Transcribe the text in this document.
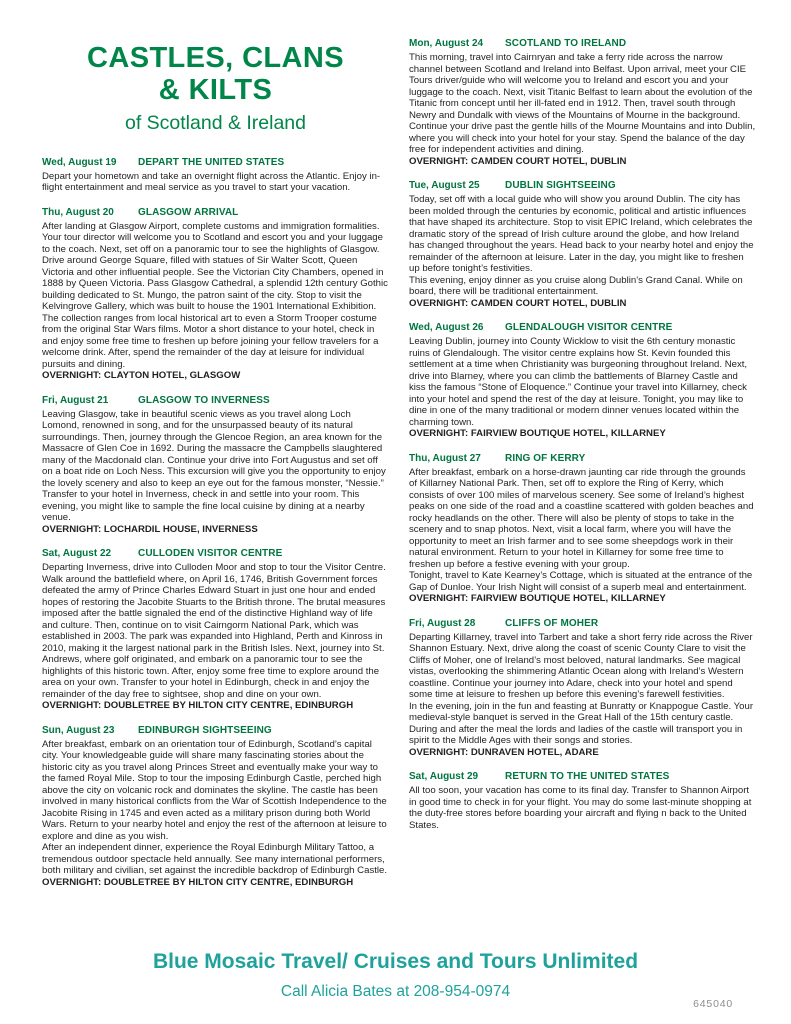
CASTLES, CLANS
& KILTS
of Scotland & Ireland
Wed, August 19	DEPART THE UNITED STATES

Depart your hometown and take an overnight flight across the Atlantic. Enjoy in-flight entertainment and meal service as you travel to start your vacation.

Thu, August 20	GLASGOW ARRIVAL

After landing at Glasgow Airport, complete customs and immigration formalities. Your tour director will welcome you to Scotland and escort you and your luggage to the coach. Next, set off on a panoramic tour to see the highlights of Glasgow. Drive around George Square, filled with statues of Sir Walter Scott, Queen Victoria and other influential people. See the Victorian City Chambers, opened in 1888 by Queen Victoria. Pass Glasgow Cathedral, a splendid 12th century Gothic building dedicated to St. Mungo, the patron saint of the city. Stop to visit the Kelvingrove Gallery, which was built to house the 1901 International Exhibition. The collection ranges from local historical art to even a Storm Trooper costume from the original Star Wars films. Motor a short distance to your hotel, check in and enjoy some free time to freshen up before joining your fellow travelers for a welcome drink. After, spend the remainder of the day at leisure for individual pursuits and dining.

OVERNIGHT: CLAYTON HOTEL, GLASGOW
Fri, August 21	GLASGOW TO INVERNESS

Leaving Glasgow, take in beautiful scenic views as you travel along Loch Lomond, renowned in song, and for the unsurpassed beauty of its natural surroundings. Then, journey through the Glencoe Region, an area known for the Massacre of Glen Coe in 1692. During the massacre the Campbells slaughtered many of the Macdonald clan. Continue your drive into Fort Augustus and set off on a boat ride on Loch Ness. This excursion will give you the opportunity to enjoy the lovely scenery and also to keep an eye out for the famous monster, “Nessie.” Transfer to your hotel in Inverness, check in and settle into your room. This evening, you might like to sample the fine local cuisine by dining at a nearby venue.

OVERNIGHT: LOCHARDIL HOUSE, INVERNESS
Sat, August 22	CULLODEN VISITOR CENTRE

Departing Inverness, drive into Culloden Moor and stop to tour the Visitor Centre. Walk around the battlefield where, on April 16, 1746, British Government forces defeated the army of Prince Charles Edward Stuart in just one hour and ended hopes of restoring the Jacobite Stuarts to the British throne. The brutal measures imposed after the battle signaled the end of the distinctive Highland way of life and culture. Then, continue on to visit Cairngorm National Park, which was established in 2003. The park was expanded into Highland, Perth and Kinross in 2010, making it the largest national park in the British Isles. Next, journey into St. Andrews, where golf originated, and embark on a panoramic tour to see the highlights of this historic town. After, enjoy some free time to explore around the area on your own. Transfer to your hotel in Edinburgh, check in and enjoy the remainder of the day free to sightsee, shop and dine on your own.

OVERNIGHT: DOUBLETREE BY HILTON CITY CENTRE, EDINBURGH
Sun, August 23	EDINBURGH SIGHTSEEING

After breakfast, embark on an orientation tour of Edinburgh, Scotland’s capital city. Your knowledgeable guide will share many fascinating stories about the historic city as you travel along Princes Street and eventually make your way to the famed Royal Mile. Stop to tour the imposing Edinburgh Castle, perched high above the city on volcanic rock and dominates the skyline. The castle has been involved in many historical conflicts from the War of Scottish Independence to the Jacobite Rising in 1745 and even acted as a military prison during both World Wars. Return to your nearby hotel and enjoy the rest of the afternoon at leisure to explore and dine as you wish.

After an independent dinner, experience the Royal Edinburgh Military Tattoo, a tremendous outdoor spectacle held annually. See many international performers, both military and civilian, set against the incredible backdrop of Edinburgh Castle.

OVERNIGHT: DOUBLETREE BY HILTON CITY CENTRE, EDINBURGH
Mon, August 24	SCOTLAND TO IRELAND

This morning, travel into Cairnryan and take a ferry ride across the narrow channel between Scotland and Ireland into Belfast. Upon arrival, meet your CIE Tours driver/guide who will welcome you to Ireland and escort you and your luggage to the coach. Next, visit Titanic Belfast to learn about the evolution of the Titanic from concept until her ill-fated end in 1912. Then, travel south through Newry and Dundalk with views of the Mountains of Mourne in the background. Continue your drive past the gentle hills of the Mourne Mountains and into Dublin, where you will check into your hotel for your stay. Spend the balance of the day free for independent activities and dining.

OVERNIGHT: CAMDEN COURT HOTEL, DUBLIN
Tue, August 25	DUBLIN SIGHTSEEING

Today, set off with a local guide who will show you around Dublin. The city has been molded through the centuries by economic, political and artistic influences that have shaped its architecture. Stop to visit EPIC Ireland, which celebrates the dramatic story of the spread of Irish culture around the globe, and how Ireland has changed throughout the years. Head back to your nearby hotel and enjoy the remainder of the afternoon at leisure. Later in the day, you might like to freshen up before tonight’s festivities.

This evening, enjoy dinner as you cruise along Dublin’s Grand Canal. While on board, there will be traditional entertainment.

OVERNIGHT: CAMDEN COURT HOTEL, DUBLIN
Wed, August 26	GLENDALOUGH VISITOR CENTRE

Leaving Dublin, journey into County Wicklow to visit the 6th century monastic ruins of Glendalough. The visitor centre explains how St. Kevin founded this settlement at a time when Christianity was burgeoning throughout Ireland. Next, drive into Blarney, where you can climb the battlements of Blarney Castle and kiss the famous “Stone of Eloquence.” Continue your travel into Killarney, check into your hotel and spend the rest of the day at leisure. Tonight, you may like to dine in one of the many traditional or modern dinner venues located within the charming town.

OVERNIGHT: FAIRVIEW BOUTIQUE HOTEL, KILLARNEY
Thu, August 27	RING OF KERRY

After breakfast, embark on a horse-drawn jaunting car ride through the grounds of Killarney National Park. Then, set off to explore the Ring of Kerry, which consists of over 100 miles of marvelous scenery. See some of Ireland’s highest peaks on one side of the road and a coastline scattered with golden beaches and rocky headlands on the other. There will also be plenty of stops to take in the scenery and to snap photos. Next, visit a local farm, where you will have the opportunity to meet an Irish farmer and to see some sheepdogs work in their natural environment. Return to your hotel in Killarney for some free time to freshen up before a festive evening with your group.

Tonight, travel to Kate Kearney’s Cottage, which is situated at the entrance of the Gap of Dunloe. Your Irish Night will consist of a superb meal and entertainment.

OVERNIGHT: FAIRVIEW BOUTIQUE HOTEL, KILLARNEY
Fri, August 28	CLIFFS OF MOHER

Departing Killarney, travel into Tarbert and take a short ferry ride across the River Shannon Estuary. Next, drive along the coast of scenic County Clare to visit the Cliffs of Moher, one of Ireland’s most beloved, natural landmarks. See magical vistas, overlooking the shimmering Atlantic Ocean along with Ireland’s Western coastline. Continue your journey into Adare, check into your hotel and spend some time at leisure to freshen up before this evening’s farewell festivities.

In the evening, join in the fun and feasting at Bunratty or Knappogue Castle. Your medieval-style banquet is served in the Great Hall of the 15th century castle. During and after the meal the lords and ladies of the castle will transport you in spirit to the Middle Ages with their songs and stories.

OVERNIGHT: DUNRAVEN HOTEL, ADARE
Sat, August 29	RETURN TO THE UNITED STATES

All too soon, your vacation has come to its final day. Transfer to Shannon Airport in good time to check in for your flight. You may do some last-minute shopping at the duty-free stores before boarding your aircraft and flying n back to the United States.

Blue Mosaic Travel/ Cruises and Tours Unlimited
Call Alicia Bates at 208-954-0974
645040
